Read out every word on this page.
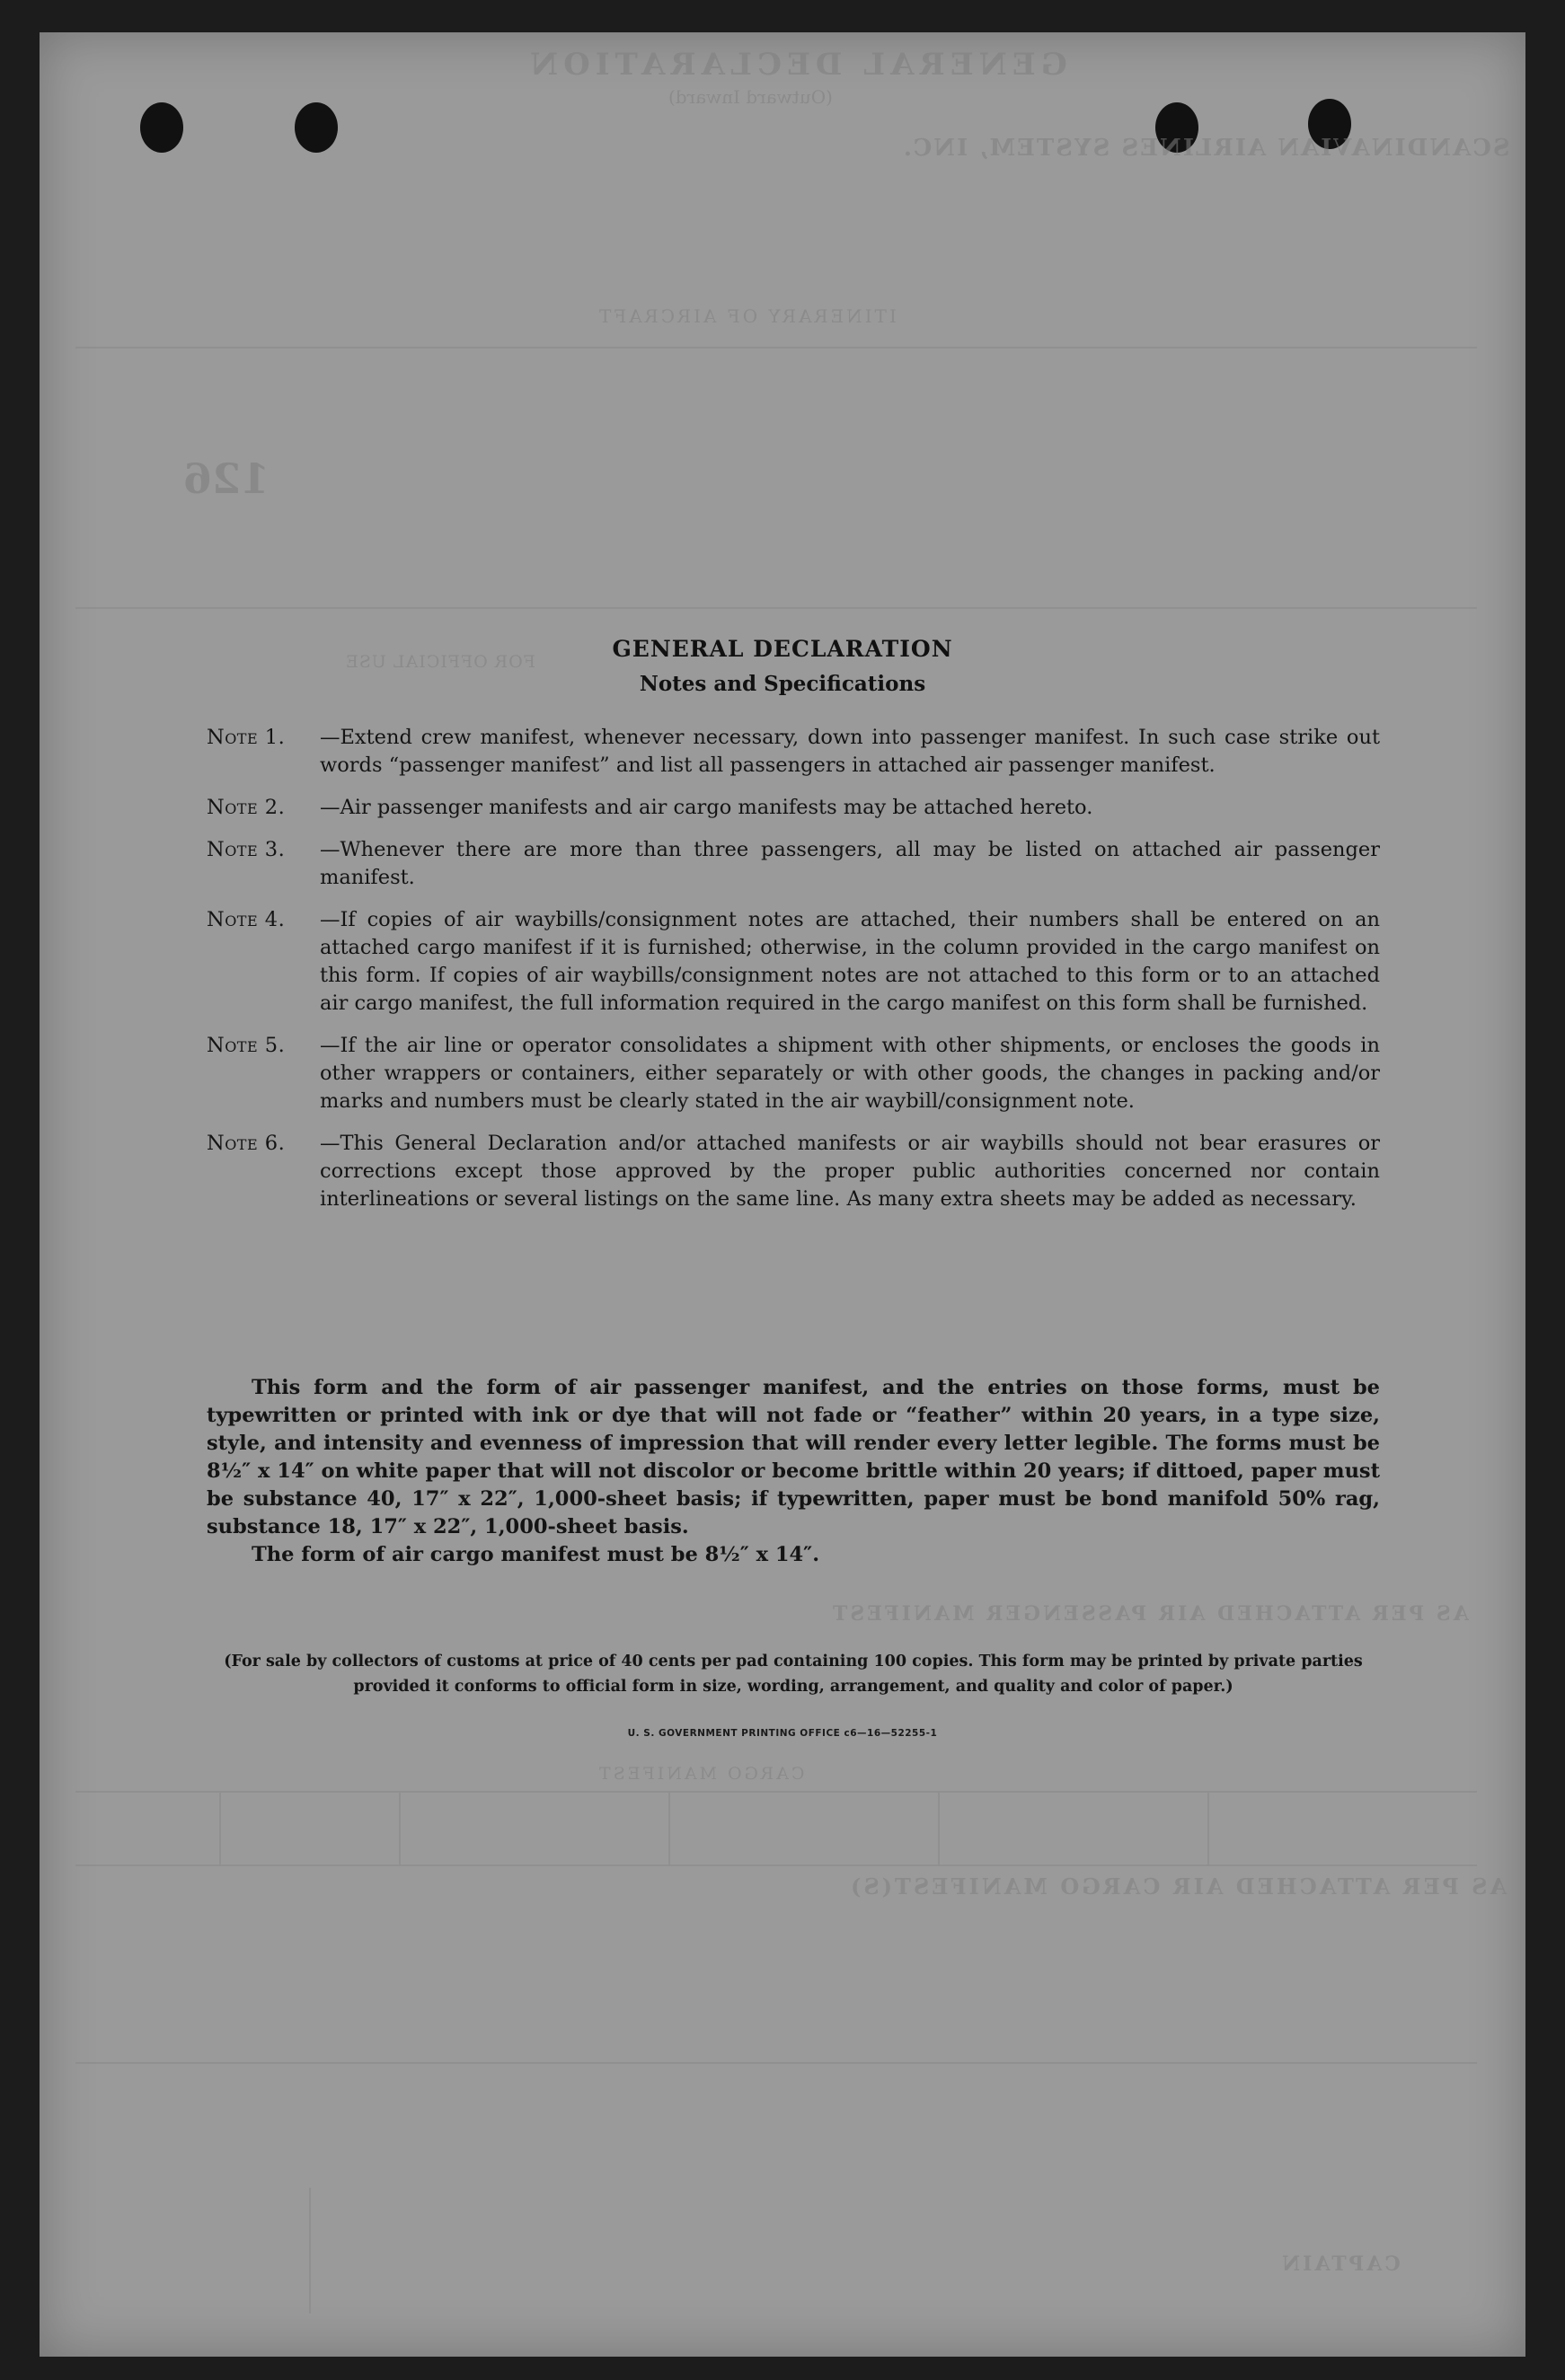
GENERAL DECLARATION
(Outward Inward)
SCANDINAVIAN AIRLINES SYSTEM, INC.
ITINERARY OF AIRCRAFT
126
FOR OFFICIAL USE
AS PER ATTACHED AIR PASSENGER MANIFEST
CARGO MANIFEST
AS PER ATTACHED AIR CARGO MANIFEST(S)
CAPTAIN
GENERAL DECLARATION
Notes and Specifications
Note 1.	—Extend crew manifest, whenever necessary, down into passenger manifest. In such case strike out words “passenger manifest” and list all passengers in attached air passenger manifest.
Note 2.	—Air passenger manifests and air cargo manifests may be attached hereto.
Note 3.	—Whenever there are more than three passengers, all may be listed on attached air passenger manifest.
Note 4.	—If copies of air waybills/consignment notes are attached, their numbers shall be entered on an attached cargo manifest if it is furnished; otherwise, in the column provided in the cargo manifest on this form. If copies of air waybills/consignment notes are not attached to this form or to an attached air cargo manifest, the full information required in the cargo manifest on this form shall be furnished.
Note 5.	—If the air line or operator consolidates a shipment with other shipments, or encloses the goods in other wrappers or containers, either separately or with other goods, the changes in packing and/or marks and numbers must be clearly stated in the air waybill/consignment note.
Note 6.	—This General Declaration and/or attached manifests or air waybills should not bear erasures or corrections except those approved by the proper public authorities concerned nor contain interlineations or several listings on the same line. As many extra sheets may be added as necessary.

This form and the form of air passenger manifest, and the entries on those forms, must be typewritten or printed with ink or dye that will not fade or “feather” within 20 years, in a type size, style, and intensity and evenness of impression that will render every letter legible. The forms must be 8½″ x 14″ on white paper that will not discolor or become brittle within 20 years; if dittoed, paper must be substance 40, 17″ x 22″, 1,000-sheet basis; if typewritten, paper must be bond manifold 50% rag, substance 18, 17″ x 22″, 1,000-sheet basis.

The form of air cargo manifest must be 8½″ x 14″.

(For sale by collectors of customs at price of 40 cents per pad containing 100 copies. This form may be printed by private parties provided it conforms to official form in size, wording, arrangement, and quality and color of paper.)
U. S. GOVERNMENT PRINTING OFFICE c6—16—52255-1
